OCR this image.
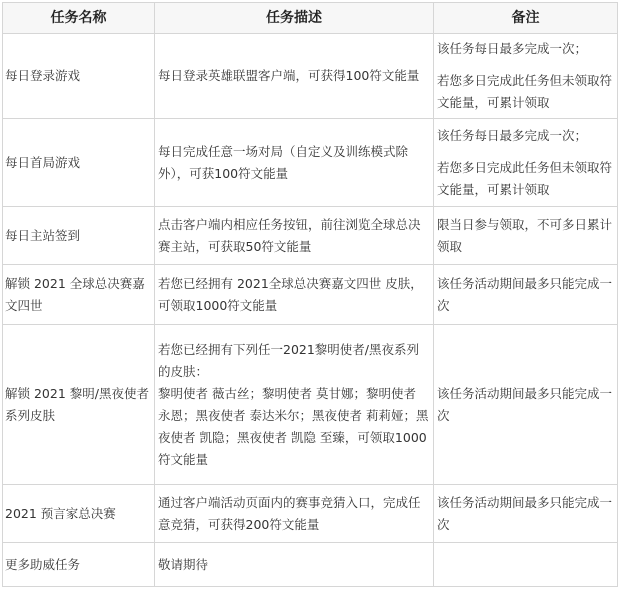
任务名称	任务描述	备注
每日登录游戏	每日登录英雄联盟客户端，可获得100符文能量	该任务每日最多完成一次；
若您多日完成此任务但未领取符文能量，可累计领取

每日首局游戏	每日完成任意一场对局（自定义及训练模式除外），可获100符文能量	该任务每日最多完成一次；
若您多日完成此任务但未领取符文能量，可累计领取

每日主站签到	点击客户端内相应任务按钮，前往浏览全球总决赛主站，可获取50符文能量	限当日参与领取，不可多日累计领取
解锁 2021 全球总决赛嘉文四世	若您已经拥有 2021全球总决赛嘉文四世 皮肤，可领取1000符文能量	该任务活动期间最多只能完成一次
解锁 2021 黎明/黑夜使者系列皮肤	若您已经拥有下列任一2021黎明使者/黑夜系列的皮肤：
黎明使者 薇古丝；黎明使者 莫甘娜；黎明使者 永恩；黑夜使者 泰达米尔；黑夜使者 莉莉娅；黑夜使者 凯隐；黑夜使者 凯隐 至臻，可领取1000符文能量	该任务活动期间最多只能完成一次
2021 预言家总决赛	通过客户端活动页面内的赛事竞猜入口，完成任意竞猜，可获得200符文能量	该任务活动期间最多只能完成一次
更多助威任务	敬请期待	
